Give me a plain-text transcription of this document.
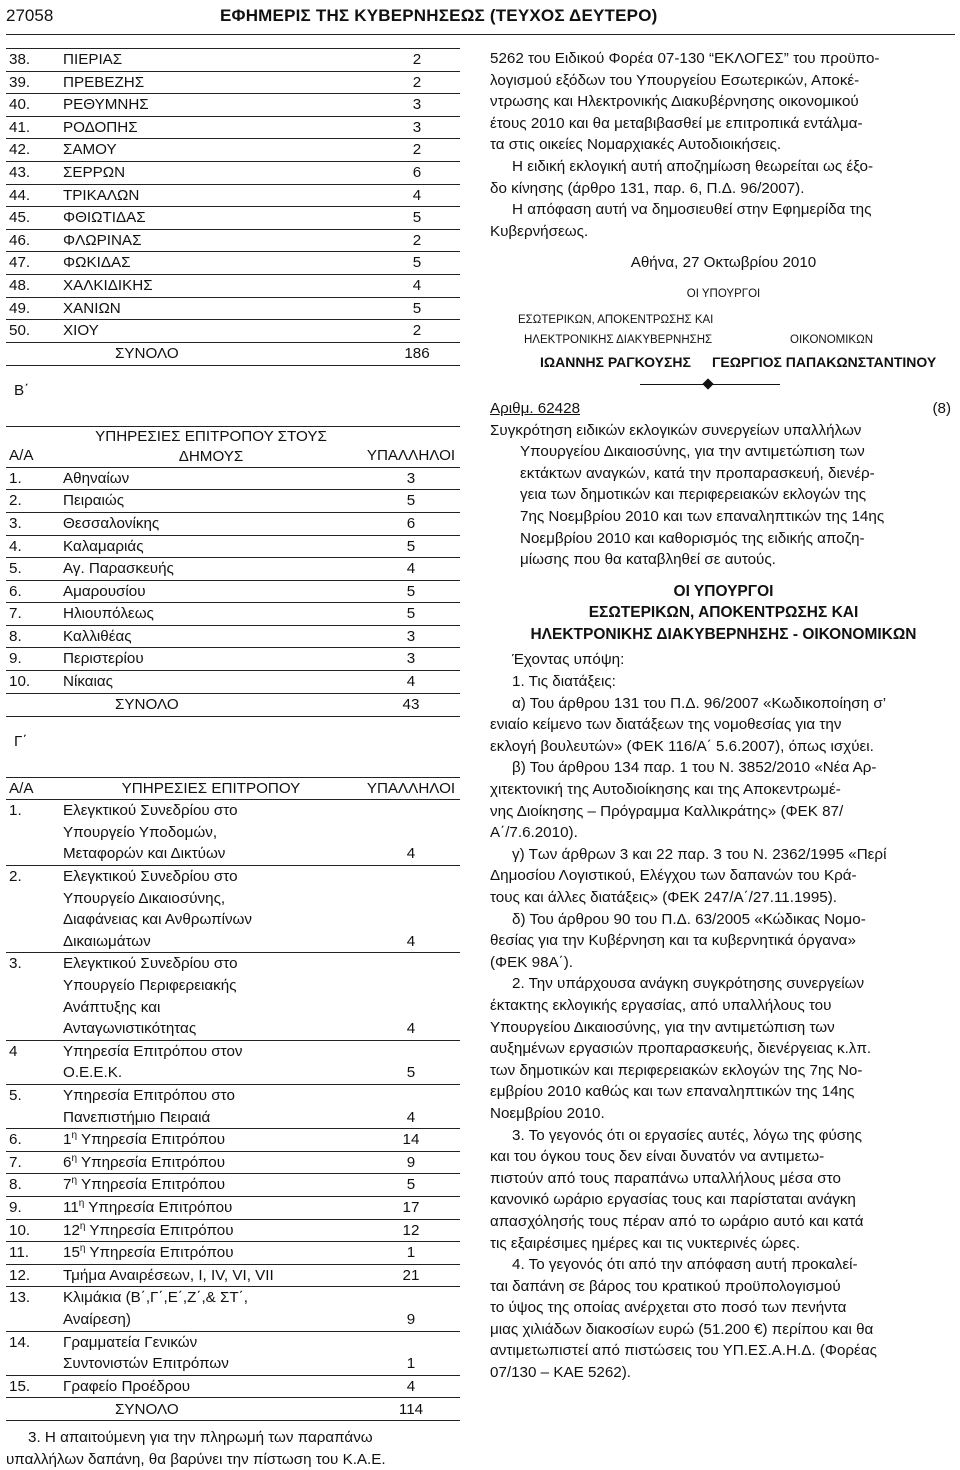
27058	ΕΦΗΜΕΡΙΣ ΤΗΣ ΚΥΒΕΡΝΗΣΕΩΣ (ΤΕΥΧΟΣ ΔΕΥΤΕΡΟ)
38.	ΠΙΕΡΙΑΣ	2
39.	ΠΡΕΒΕΖΗΣ	2
40.	ΡΕΘΥΜΝΗΣ	3
41.	ΡΟΔΟΠΗΣ	3
42.	ΣΑΜΟΥ	2
43.	ΣΕΡΡΩΝ	6
44.	ΤΡΙΚΑΛΩΝ	4
45.	ΦΘΙΩΤΙΔΑΣ	5
46.	ΦΛΩΡΙΝΑΣ	2
47.	ΦΩΚΙΔΑΣ	5
48.	ΧΑΛΚΙΔΙΚΗΣ	4
49.	ΧΑΝΙΩΝ	5
50.	ΧΙΟΥ	2
	ΣΥΝΟΛΟ	186
Β΄
Α/Α	ΥΠΗΡΕΣΙΕΣ ΕΠΙΤΡΟΠΟΥ ΣΤΟΥΣ ΔΗΜΟΥΣ	ΥΠΑΛΛΗΛΟΙ
1.	Αθηναίων	3
2.	Πειραιώς	5
3.	Θεσσαλονίκης	6
4.	Καλαμαριάς	5
5.	Αγ. Παρασκευής	4
6.	Αμαρουσίου	5
7.	Ηλιουπόλεως	5
8.	Καλλιθέας	3
9.	Περιστερίου	3
10.	Νίκαιας	4
	ΣΥΝΟΛΟ	43
Γ΄
Α/Α	ΥΠΗΡΕΣΙΕΣ ΕΠΙΤΡΟΠΟΥ	ΥΠΑΛΛΗΛΟΙ
1.	Ελεγκτικού Συνεδρίου στο
Υπουργείο Υποδομών,
Μεταφορών και Δικτύων	4
2.	Ελεγκτικού Συνεδρίου στο
Υπουργείο Δικαιοσύνης,
Διαφάνειας και Ανθρωπίνων
Δικαιωμάτων	4
3.	Ελεγκτικού Συνεδρίου στο
Υπουργείο Περιφερειακής
Ανάπτυξης και
Ανταγωνιστικότητας	4
4	Υπηρεσία Επιτρόπου στον
Ο.Ε.Ε.Κ.	5
5.	Υπηρεσία Επιτρόπου στο
Πανεπιστήμιο Πειραιά	4
6.	$1^\eta$ Υπηρεσία Επιτρόπου	14
7.	$6^\eta$ Υπηρεσία Επιτρόπου	9
8.	$7^\eta$ Υπηρεσία Επιτρόπου	5
9.	$11^\eta$ Υπηρεσία Επιτρόπου	17
10.	$12^\eta$ Υπηρεσία Επιτρόπου	12
11.	$15^\eta$ Υπηρεσία Επιτρόπου	1
12.	Τμήμα Αναιρέσεων, Ι, ΙV, VI, VII	21
13.	Κλιμάκια (Β΄,Γ΄,Ε΄,Ζ΄,& ΣΤ΄,
Αναίρεση)	9
14.	Γραμματεία Γενικών
Συντονιστών Επιτρόπων	1
15.	Γραφείο Προέδρου	4
	ΣΥΝΟΛΟ	114

3. Η απαιτούμενη για την πληρωμή των παραπάνω

υπαλλήλων δαπάνη, θα βαρύνει την πίστωση του Κ.Α.Ε.

5262 του Ειδικού Φορέα 07-130 “ΕΚΛΟΓΕΣ” του προϋπο-

λογισμού εξόδων του Υπουργείου Εσωτερικών, Αποκέ-

ντρωσης και Ηλεκτρονικής Διακυβέρνησης οικονομικού

έτους 2010 και θα μεταβιβασθεί με επιτροπικά εντάλμα-

τα στις οικείες Νομαρχιακές Αυτοδιοικήσεις.

Η ειδική εκλογική αυτή αποζημίωση θεωρείται ως έξο-

δο κίνησης (άρθρο 131, παρ. 6, Π.Δ. 96/2007).

Η απόφαση αυτή να δημοσιευθεί στην Εφημερίδα της

Κυβερνήσεως.

Αθήνα, 27 Οκτωβρίου 2010

ΟΙ ΥΠΟΥΡΓΟΙ

ΕΣΩΤΕΡΙΚΩΝ, ΑΠΟΚΕΝΤΡΩΣΗΣ ΚΑΙ
ΗΛΕΚΤΡΟΝΙΚΗΣ ΔΙΑΚΥΒΕΡΝΗΣΗΣ	ΟΙΚΟΝΟΜΙΚΩΝ
ΙΩΑΝΝΗΣ ΡΑΓΚΟΥΣΗΣ ΓΕΩΡΓΙΟΣ ΠΑΠΑΚΩΝΣΤΑΝΤΙΝΟΥ
Αριθμ. 62428	(8)

Συγκρότηση ειδικών εκλογικών συνεργείων υπαλλήλων

Υπουργείου Δικαιοσύνης, για την αντιμετώπιση των

εκτάκτων αναγκών, κατά την προπαρασκευή, διενέρ-

γεια των δημοτικών και περιφερειακών εκλογών της

7ης Νοεμβρίου 2010 και των επαναληπτικών της 14ης

Νοεμβρίου 2010 και καθορισμός της ειδικής αποζη-

μίωσης που θα καταβληθεί σε αυτούς.

ΟΙ ΥΠΟΥΡΓΟΙ

ΕΣΩΤΕΡΙΚΩΝ, ΑΠΟΚΕΝΤΡΩΣΗΣ ΚΑΙ

ΗΛΕΚΤΡΟΝΙΚΗΣ ΔΙΑΚΥΒΕΡΝΗΣΗΣ - ΟΙΚΟΝΟΜΙΚΩΝ

Έχοντας υπόψη:

1. Τις διατάξεις:

α) Του άρθρου 131 του Π.Δ. 96/2007 «Κωδικοποίηση σ’

ενιαίο κείμενο των διατάξεων της νομοθεσίας για την

εκλογή βουλευτών» (ΦΕΚ 116/Α΄ 5.6.2007), όπως ισχύει.

β) Του άρθρου 134 παρ. 1 του Ν. 3852/2010 «Νέα Αρ-

χιτεκτονική της Αυτοδιοίκησης και της Αποκεντρωμέ-

νης Διοίκησης – Πρόγραμμα Καλλικράτης» (ΦΕΚ 87/

Α΄/7.6.2010).

γ) Των άρθρων 3 και 22 παρ. 3 του Ν. 2362/1995 «Περί

Δημοσίου Λογιστικού, Ελέγχου των δαπανών του Κρά-

τους και άλλες διατάξεις» (ΦΕΚ 247/Α΄/27.11.1995).

δ) Του άρθρου 90 του Π.Δ. 63/2005 «Κώδικας Νομο-

θεσίας για την Κυβέρνηση και τα κυβερνητικά όργανα»

(ΦΕΚ 98Α΄).

2. Την υπάρχουσα ανάγκη συγκρότησης συνεργείων

έκτακτης εκλογικής εργασίας, από υπαλλήλους του

Υπουργείου Δικαιοσύνης, για την αντιμετώπιση των

αυξημένων εργασιών προπαρασκευής, διενέργειας κ.λπ.

των δημοτικών και περιφερειακών εκλογών της 7ης Νο-

εμβρίου 2010 καθώς και των επαναληπτικών της 14ης

Νοεμβρίου 2010.

3. Το γεγονός ότι οι εργασίες αυτές, λόγω της φύσης

και του όγκου τους δεν είναι δυνατόν να αντιμετω-

πιστούν από τους παραπάνω υπαλλήλους μέσα στο

κανονικό ωράριο εργασίας τους και παρίσταται ανάγκη

απασχόλησής τους πέραν από το ωράριο αυτό και κατά

τις εξαιρέσιμες ημέρες και τις νυκτερινές ώρες.

4. Το γεγονός ότι από την απόφαση αυτή προκαλεί-

ται δαπάνη σε βάρος του κρατικού προϋπολογισμού

το ύψος της οποίας ανέρχεται στο ποσό των πενήντα

μιας χιλιάδων διακοσίων ευρώ (51.200 €) περίπου και θα

αντιμετωπιστεί από πιστώσεις του ΥΠ.ΕΣ.Α.Η.Δ. (Φορέας

07/130 – ΚΑΕ 5262).
